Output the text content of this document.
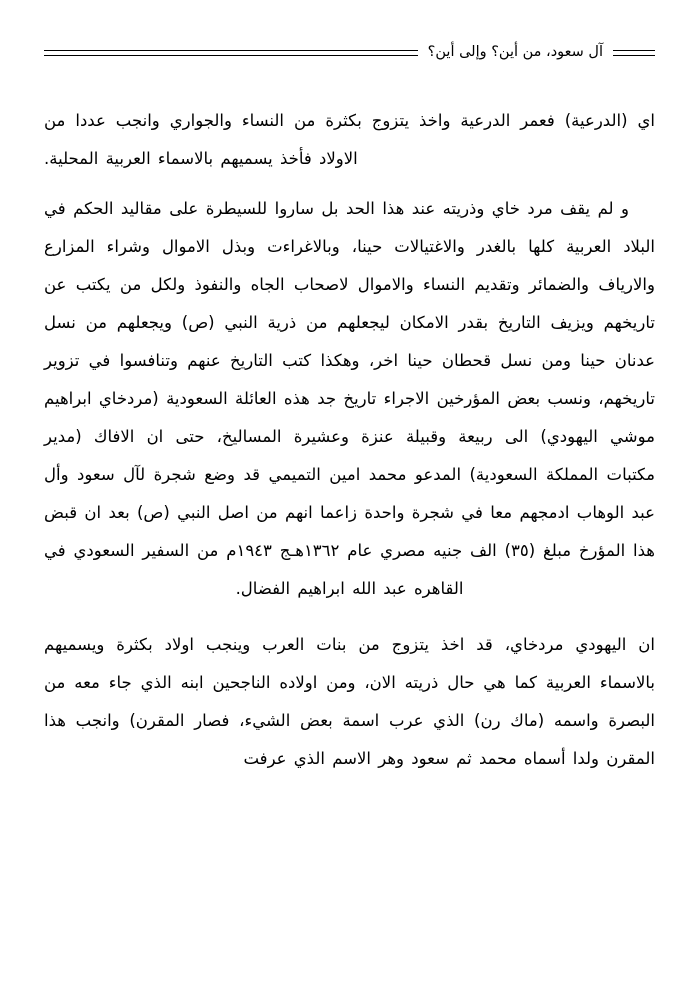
آل سعود، من أين؟ وإلى أين؟

اي (الدرعية) فعمر الدرعية واخذ يتزوج بكثرة من النساء والجواري وانجب عددا من الاولاد فأخذ يسميهم بالاسماء العربية المحلية.

و لم يقف مرد خاي وذريته عند هذا الحد بل ساروا للسيطرة على مقاليد الحكم في البلاد العربية كلها بالغدر والاغتيالات حينا، وبالاغراءت وبذل الاموال وشراء المزارع والارياف والضمائر وتقديم النساء والاموال لاصحاب الجاه والنفوذ ولكل من يكتب عن تاريخهم ويزيف التاريخ بقدر الامكان ليجعلهم من ذرية النبي (ص) ويجعلهم من نسل عدنان حينا ومن نسل قحطان حينا اخر، وهكذا كتب التاريخ عنهم وتنافسوا في تزوير تاريخهم، ونسب بعض المؤرخين الاجراء تاريخ جد هذه العائلة السعودية (مردخاي ابراهيم موشي اليهودي) الى ربيعة وقبيلة عنزة وعشيرة المساليخ، حتى ان الافاك (مدير مكتبات المملكة السعودية) المدعو محمد امين التميمي قد وضع شجرة لآل سعود وأل عبد الوهاب ادمجهم معا في شجرة واحدة زاعما انهم من اصل النبي (ص) بعد ان قبض هذا المؤرخ مبلغ (٣٥) الف جنيه مصري عام ١٣٦٢هـج ١٩٤٣م من السفير السعودي في القاهره عبد الله ابراهيم الفضال.

ان اليهودي مردخاي، قد اخذ يتزوج من بنات العرب وينجب اولاد بكثرة ويسميهم بالاسماء العربية كما هي حال ذريته الان، ومن اولاده الناجحين ابنه الذي جاء معه من البصرة واسمه (ماك رن) الذي عرب اسمة بعض الشيء، فصار المقرن) وانجب هذا المقرن ولدا أسماه محمد ثم سعود وهر الاسم الذي عرفت
